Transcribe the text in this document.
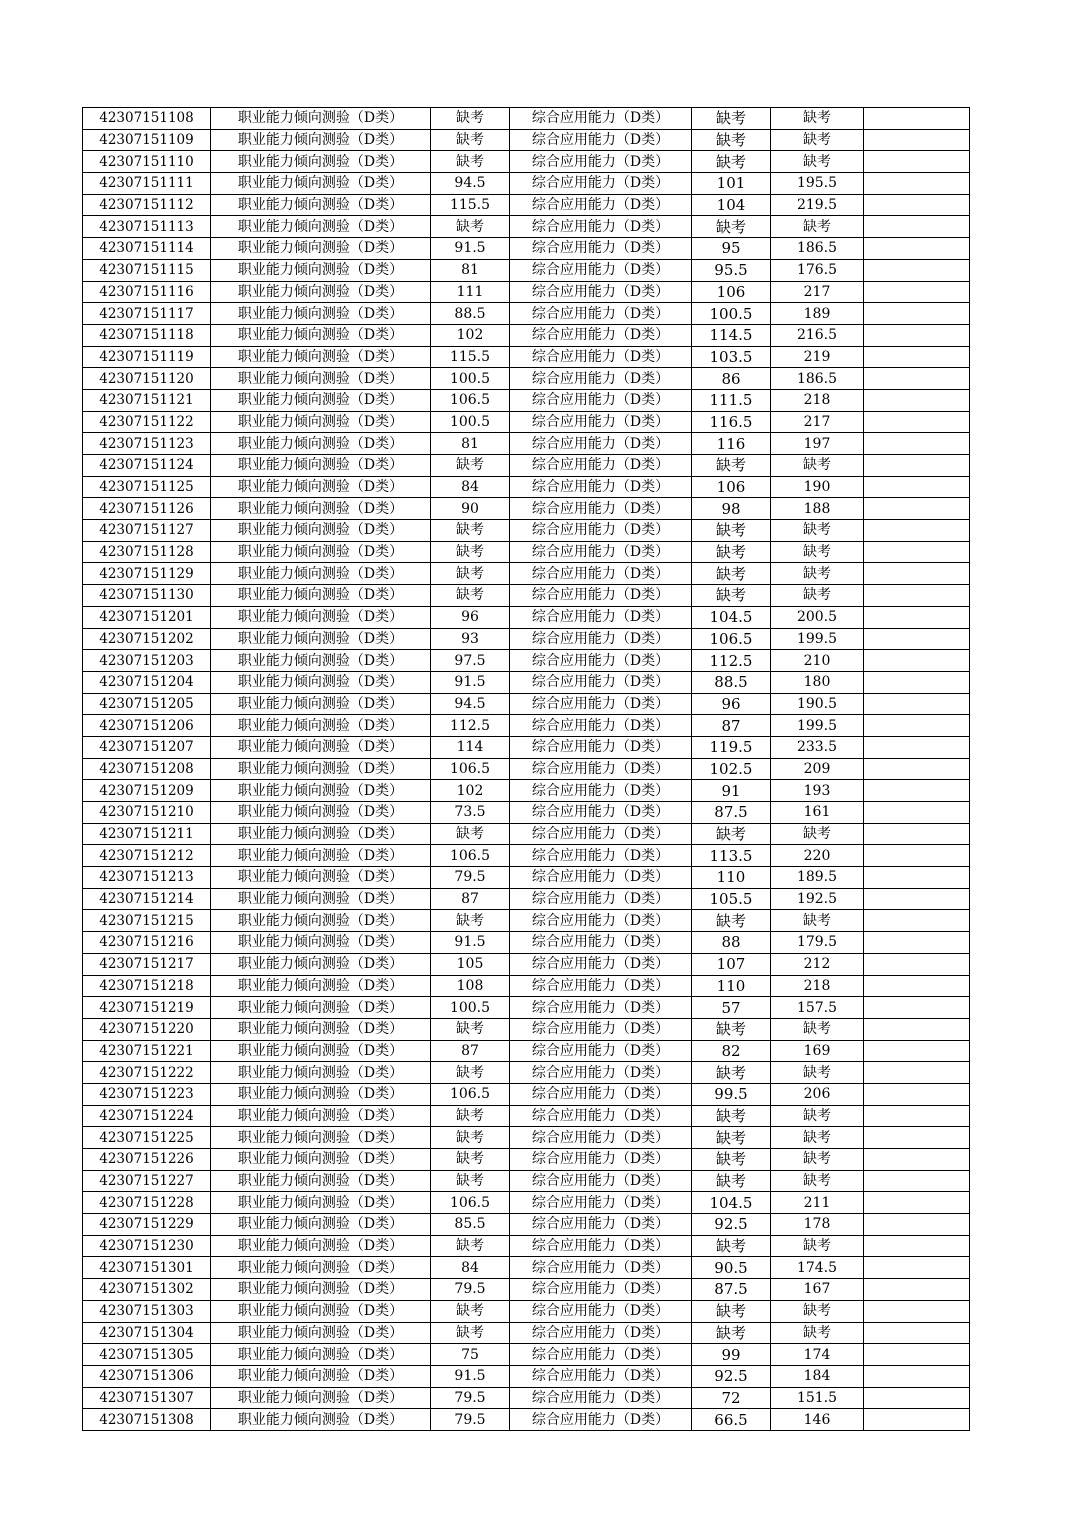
42307151108	职业能力倾向测验（D类）	缺考	综合应用能力（D类）	缺考	缺考	
42307151109	职业能力倾向测验（D类）	缺考	综合应用能力（D类）	缺考	缺考	
42307151110	职业能力倾向测验（D类）	缺考	综合应用能力（D类）	缺考	缺考	
42307151111	职业能力倾向测验（D类）	94.5	综合应用能力（D类）	101	195.5	
42307151112	职业能力倾向测验（D类）	115.5	综合应用能力（D类）	104	219.5	
42307151113	职业能力倾向测验（D类）	缺考	综合应用能力（D类）	缺考	缺考	
42307151114	职业能力倾向测验（D类）	91.5	综合应用能力（D类）	95	186.5	
42307151115	职业能力倾向测验（D类）	81	综合应用能力（D类）	95.5	176.5	
42307151116	职业能力倾向测验（D类）	111	综合应用能力（D类）	106	217	
42307151117	职业能力倾向测验（D类）	88.5	综合应用能力（D类）	100.5	189	
42307151118	职业能力倾向测验（D类）	102	综合应用能力（D类）	114.5	216.5	
42307151119	职业能力倾向测验（D类）	115.5	综合应用能力（D类）	103.5	219	
42307151120	职业能力倾向测验（D类）	100.5	综合应用能力（D类）	86	186.5	
42307151121	职业能力倾向测验（D类）	106.5	综合应用能力（D类）	111.5	218	
42307151122	职业能力倾向测验（D类）	100.5	综合应用能力（D类）	116.5	217	
42307151123	职业能力倾向测验（D类）	81	综合应用能力（D类）	116	197	
42307151124	职业能力倾向测验（D类）	缺考	综合应用能力（D类）	缺考	缺考	
42307151125	职业能力倾向测验（D类）	84	综合应用能力（D类）	106	190	
42307151126	职业能力倾向测验（D类）	90	综合应用能力（D类）	98	188	
42307151127	职业能力倾向测验（D类）	缺考	综合应用能力（D类）	缺考	缺考	
42307151128	职业能力倾向测验（D类）	缺考	综合应用能力（D类）	缺考	缺考	
42307151129	职业能力倾向测验（D类）	缺考	综合应用能力（D类）	缺考	缺考	
42307151130	职业能力倾向测验（D类）	缺考	综合应用能力（D类）	缺考	缺考	
42307151201	职业能力倾向测验（D类）	96	综合应用能力（D类）	104.5	200.5	
42307151202	职业能力倾向测验（D类）	93	综合应用能力（D类）	106.5	199.5	
42307151203	职业能力倾向测验（D类）	97.5	综合应用能力（D类）	112.5	210	
42307151204	职业能力倾向测验（D类）	91.5	综合应用能力（D类）	88.5	180	
42307151205	职业能力倾向测验（D类）	94.5	综合应用能力（D类）	96	190.5	
42307151206	职业能力倾向测验（D类）	112.5	综合应用能力（D类）	87	199.5	
42307151207	职业能力倾向测验（D类）	114	综合应用能力（D类）	119.5	233.5	
42307151208	职业能力倾向测验（D类）	106.5	综合应用能力（D类）	102.5	209	
42307151209	职业能力倾向测验（D类）	102	综合应用能力（D类）	91	193	
42307151210	职业能力倾向测验（D类）	73.5	综合应用能力（D类）	87.5	161	
42307151211	职业能力倾向测验（D类）	缺考	综合应用能力（D类）	缺考	缺考	
42307151212	职业能力倾向测验（D类）	106.5	综合应用能力（D类）	113.5	220	
42307151213	职业能力倾向测验（D类）	79.5	综合应用能力（D类）	110	189.5	
42307151214	职业能力倾向测验（D类）	87	综合应用能力（D类）	105.5	192.5	
42307151215	职业能力倾向测验（D类）	缺考	综合应用能力（D类）	缺考	缺考	
42307151216	职业能力倾向测验（D类）	91.5	综合应用能力（D类）	88	179.5	
42307151217	职业能力倾向测验（D类）	105	综合应用能力（D类）	107	212	
42307151218	职业能力倾向测验（D类）	108	综合应用能力（D类）	110	218	
42307151219	职业能力倾向测验（D类）	100.5	综合应用能力（D类）	57	157.5	
42307151220	职业能力倾向测验（D类）	缺考	综合应用能力（D类）	缺考	缺考	
42307151221	职业能力倾向测验（D类）	87	综合应用能力（D类）	82	169	
42307151222	职业能力倾向测验（D类）	缺考	综合应用能力（D类）	缺考	缺考	
42307151223	职业能力倾向测验（D类）	106.5	综合应用能力（D类）	99.5	206	
42307151224	职业能力倾向测验（D类）	缺考	综合应用能力（D类）	缺考	缺考	
42307151225	职业能力倾向测验（D类）	缺考	综合应用能力（D类）	缺考	缺考	
42307151226	职业能力倾向测验（D类）	缺考	综合应用能力（D类）	缺考	缺考	
42307151227	职业能力倾向测验（D类）	缺考	综合应用能力（D类）	缺考	缺考	
42307151228	职业能力倾向测验（D类）	106.5	综合应用能力（D类）	104.5	211	
42307151229	职业能力倾向测验（D类）	85.5	综合应用能力（D类）	92.5	178	
42307151230	职业能力倾向测验（D类）	缺考	综合应用能力（D类）	缺考	缺考	
42307151301	职业能力倾向测验（D类）	84	综合应用能力（D类）	90.5	174.5	
42307151302	职业能力倾向测验（D类）	79.5	综合应用能力（D类）	87.5	167	
42307151303	职业能力倾向测验（D类）	缺考	综合应用能力（D类）	缺考	缺考	
42307151304	职业能力倾向测验（D类）	缺考	综合应用能力（D类）	缺考	缺考	
42307151305	职业能力倾向测验（D类）	75	综合应用能力（D类）	99	174	
42307151306	职业能力倾向测验（D类）	91.5	综合应用能力（D类）	92.5	184	
42307151307	职业能力倾向测验（D类）	79.5	综合应用能力（D类）	72	151.5	
42307151308	职业能力倾向测验（D类）	79.5	综合应用能力（D类）	66.5	146	
